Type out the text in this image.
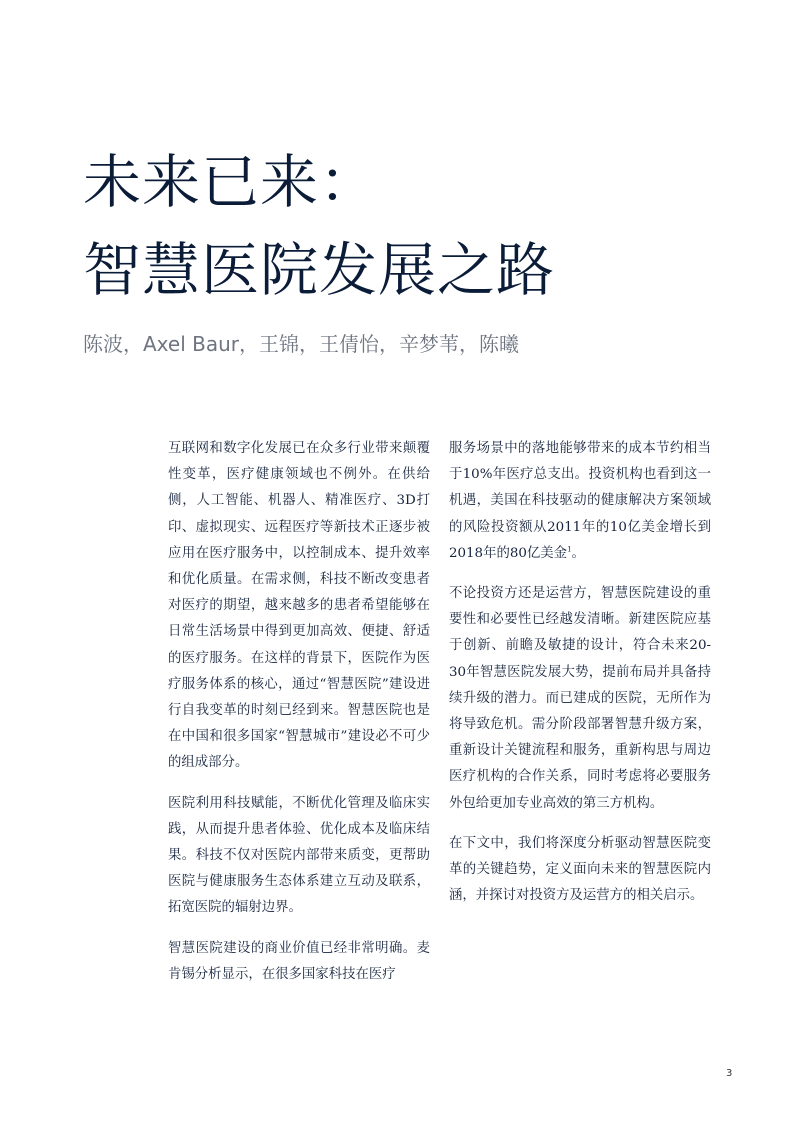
未来已来：
智慧医院发展之路
陈波，Axel Baur，王锦，王倩怡，辛梦苇，陈曦

互联网和数字化发展已在众多行业带来颠覆性变革，医疗健康领域也不例外。在供给侧，人工智能、机器人、精准医疗、3D打印、虚拟现实、远程医疗等新技术正逐步被应用在医疗服务中，以控制成本、提升效率和优化质量。在需求侧，科技不断改变患者对医疗的期望，越来越多的患者希望能够在日常生活场景中得到更加高效、便捷、舒适的医疗服务。在这样的背景下，医院作为医疗服务体系的核心，通过“智慧医院”建设进行自我变革的时刻已经到来。智慧医院也是在中国和很多国家“智慧城市”建设必不可少的组成部分。

医院利用科技赋能，不断优化管理及临床实践，从而提升患者体验、优化成本及临床结果。科技不仅对医院内部带来质变，更帮助医院与健康服务生态体系建立互动及联系，拓宽医院的辐射边界。

智慧医院建设的商业价值已经非常明确。麦肯锡分析显示，在很多国家科技在医疗

服务场景中的落地能够带来的成本节约相当于10%年医疗总支出。投资机构也看到这一机遇，美国在科技驱动的健康解决方案领域的风险投资额从2011年的10亿美金增长到2018年的80亿美金$^1$。

不论投资方还是运营方，智慧医院建设的重要性和必要性已经越发清晰。新建医院应基于创新、前瞻及敏捷的设计，符合未来20-30年智慧医院发展大势，提前布局并具备持续升级的潜力。而已建成的医院，无所作为将导致危机。需分阶段部署智慧升级方案，重新设计关键流程和服务，重新构思与周边医疗机构的合作关系，同时考虑将必要服务外包给更加专业高效的第三方机构。

在下文中，我们将深度分析驱动智慧医院变革的关键趋势，定义面向未来的智慧医院内涵，并探讨对投资方及运营方的相关启示。

3
